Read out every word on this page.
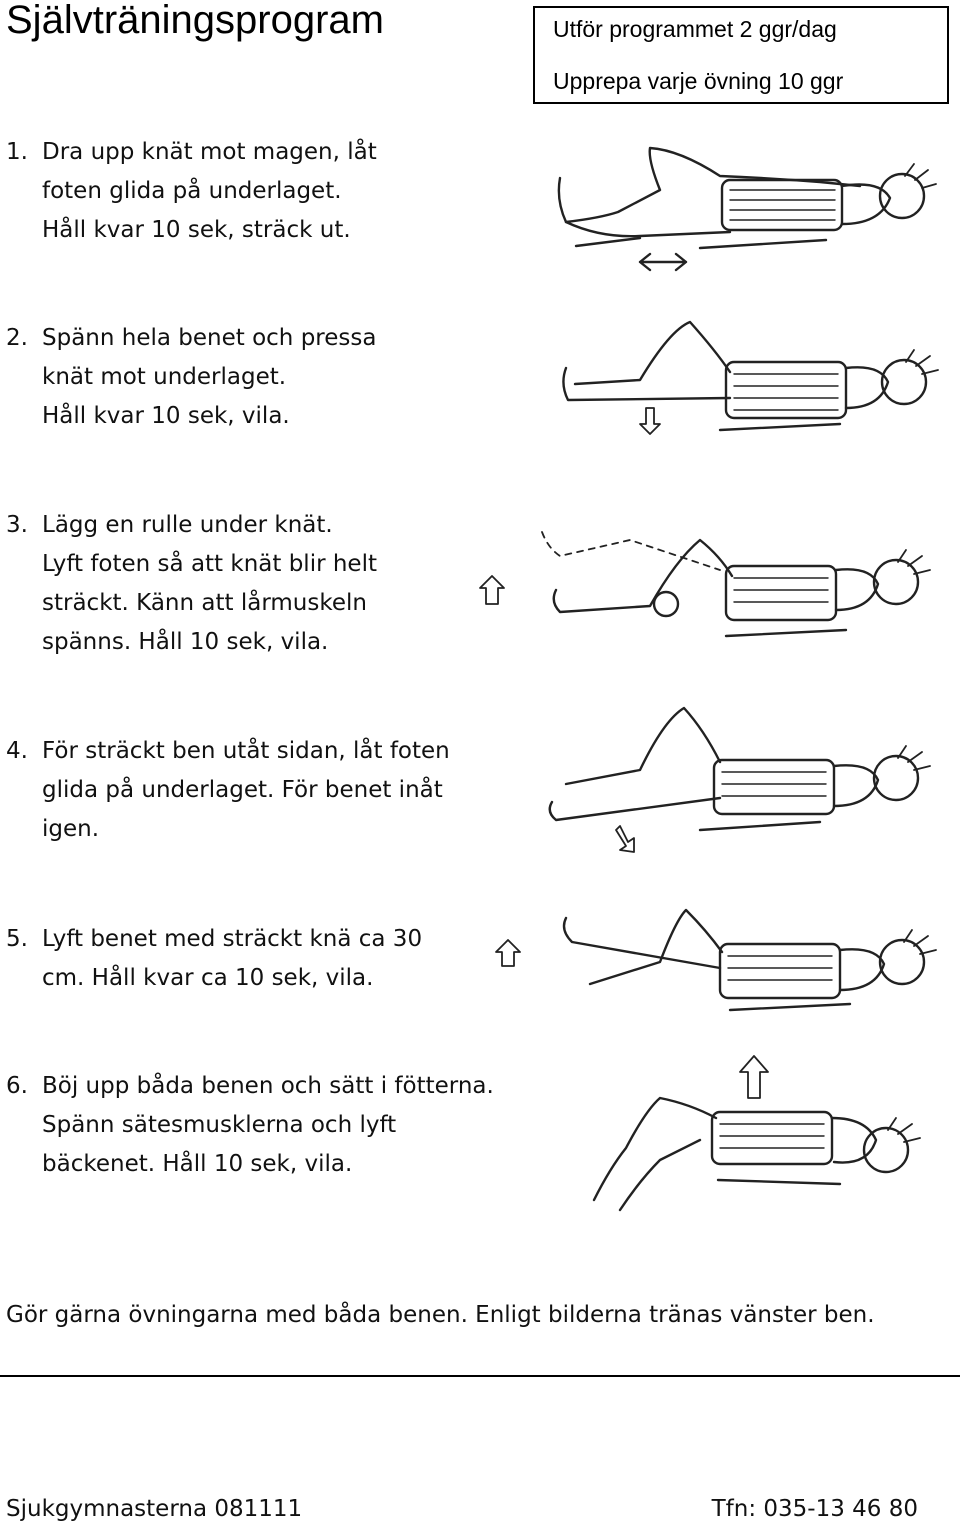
Självträningsprogram	Utför programmet 2 ggr/dag
Upprepa varje övning 10 ggr
1. Dra upp knät mot magen, låt
foten glida på underlaget.
Håll kvar 10 sek, sträck ut.
2. Spänn hela benet och pressa
knät mot underlaget.
Håll kvar 10 sek, vila.
3. Lägg en rulle under knät.
Lyft foten så att knät blir helt
sträckt. Känn att lårmuskeln
spänns. Håll 10 sek, vila.
4. För sträckt ben utåt sidan, låt foten
glida på underlaget. För benet inåt
igen.
5. Lyft benet med sträckt knä ca 30
cm. Håll kvar ca 10 sek, vila.
6. Böj upp båda benen och sätt i fötterna.
Spänn sätesmusklerna och lyft
bäckenet. Håll 10 sek, vila.
Gör gärna övningarna med båda benen. Enligt bilderna tränas vänster ben.
Sjukgymnasterna 081111	Tfn: 035-13 46 80
